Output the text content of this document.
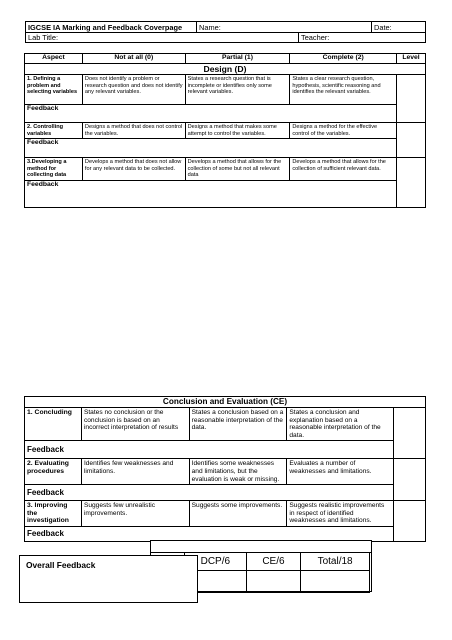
IGCSE IA Marking and Feedback Coverpage	Name:	Date:
Lab Title:	Teacher:
Aspect	Not at all (0)	Partial (1)	Complete (2)	Level
Design (D)				
1. Defining a problem and selecting variables	Does not identify a problem or research question and does not identify any relevant variables.	States a research question that is incomplete or identifies only some relevant variables.	States a clear research question, hypothesis, scientific reasoning and identifies the relevant variables.	
Feedback				
2. Controlling variables	Designs a method that does not control the variables.	Designs a method that makes some attempt to control the variables.	Designs a method for the effective control of the variables.	
Feedback				
3.Developing a method for collecting data	Develops a method that does not allow for any relevant data to be collected.	Develops a method that allows for the collection of some but not all relevant data	Develops a method that allows for the collection of sufficient relevant data.	
Feedback				
Conclusion and Evaluation (CE)				
1. Concluding	States no conclusion or the conclusion is based on an incorrect interpretation of results	States a conclusion based on a reasonable interpretation of the data.	States a conclusion and explanation based on a reasonable interpretation of the data.	
Feedback				
2. Evaluating procedures	Identifies few weaknesses and limitations.	Identifies some weaknesses and limitations, but the evaluation is weak or missing.	Evaluates a number of weaknesses and limitations.	
Feedback				
3. Improving the investigation	Suggests few unrealistic improvements.	Suggests some improvements.	Suggests realistic improvements in respect of identified weaknesses and limitations.	
Feedback				
DCP/6	CE/6	Total/18

Overall Feedback
